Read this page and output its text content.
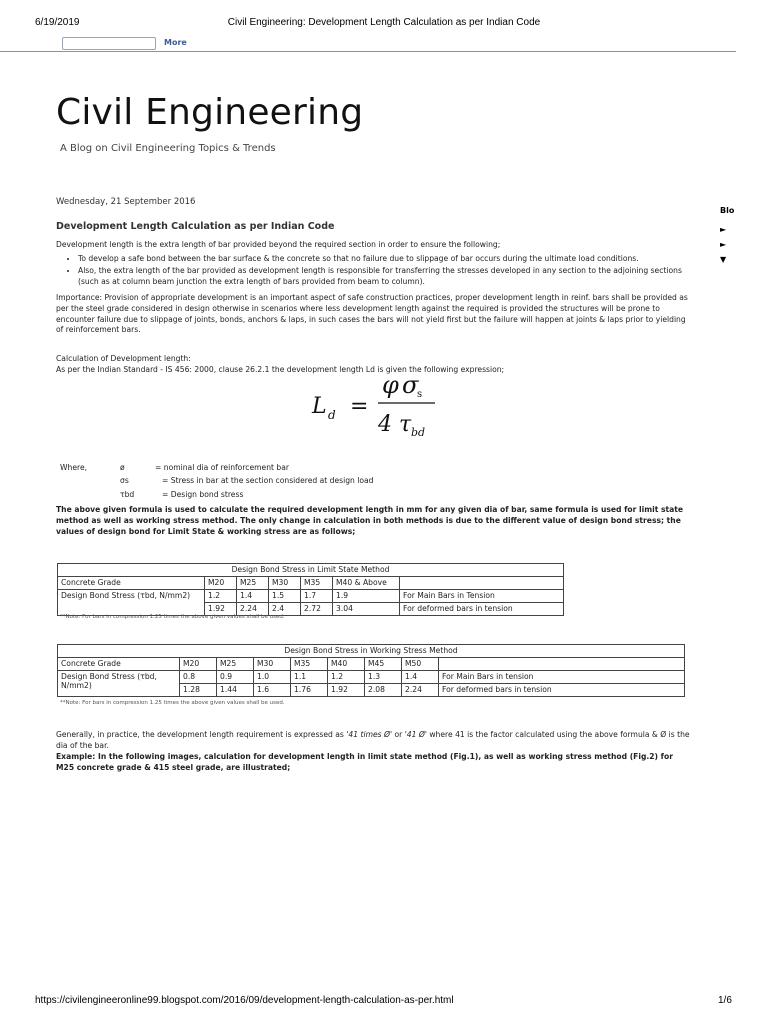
6/19/2019	Civil Engineering: Development Length Calculation as per Indian Code
More
Civil Engineering
A Blog on Civil Engineering Topics & Trends
Wednesday, 21 September 2016
Development Length Calculation as per Indian Code
Development length is the extra length of bar provided beyond the required section in order to ensure the following;
• To develop a safe bond between the bar surface & the concrete so that no failure due to slippage of bar occurs during the ultimate load conditions.
• Also, the extra length of the bar provided as development length is responsible for transferring the stresses developed in any section to the adjoining sections (such as at column beam junction the extra length of bars provided from beam to column).
Importance: Provision of appropriate development is an important aspect of safe construction practices, proper development length in reinf. bars shall be provided as per the steel grade considered in design otherwise in scenarios where less development length against the required is provided the structures will be prone to encounter failure due to slippage of joints, bonds, anchors & laps, in such cases the bars will not yield first but the failure will happen at joints & laps prior to yielding of reinforcement bars.
Calculation of Development length:
As per the Indian Standard - IS 456: 2000, clause 26.2.1 the development length Ld is given the following expression;
L d =
φ σ
s
4 τ bd
Where,	ø	= nominal dia of reinforcement bar
σs	= Stress in bar at the section considered at design load
τbd	= Design bond stress
The above given formula is used to calculate the required development length in mm for any given dia of bar, same formula is used for limit state method as well as working stress method. The only change in calculation in both methods is due to the different value of design bond stress; the values of design bond for Limit State & working stress are as follows;
Design Bond Stress in Limit State Method						
Concrete Grade	M20	M25	M30	M35	M40 & Above	
Design Bond Stress (τbd, N/mm2)	1.2	1.4	1.5	1.7	1.9	For Main Bars in Tension
	1.92	2.24	2.4	2.72	3.04	For deformed bars in tension
**Note: For bars in compression 1.25 times the above given values shall be used.
Design Bond Stress in Working Stress Method								
Concrete Grade	M20	M25	M30	M35	M40	M45	M50	
Design Bond Stress (τbd, N/mm2)	0.8	0.9	1.0	1.1	1.2	1.3	1.4	For Main Bars in tension
	1.28	1.44	1.6	1.76	1.92	2.08	2.24	For deformed bars in tension
**Note: For bars in compression 1.25 times the above given values shall be used.
Generally, in practice, the development length requirement is expressed as '41 times Ø' or '41 Ø' where 41 is the factor calculated using the above formula & Ø is the dia of the bar.
Example: In the following images, calculation for development length in limit state method (Fig.1), as well as working stress method (Fig.2) for M25 concrete grade & 415 steel grade, are illustrated;
Blo
►
►
▼
https://civilengineeronline99.blogspot.com/2016/09/development-length-calculation-as-per.html	1/6
